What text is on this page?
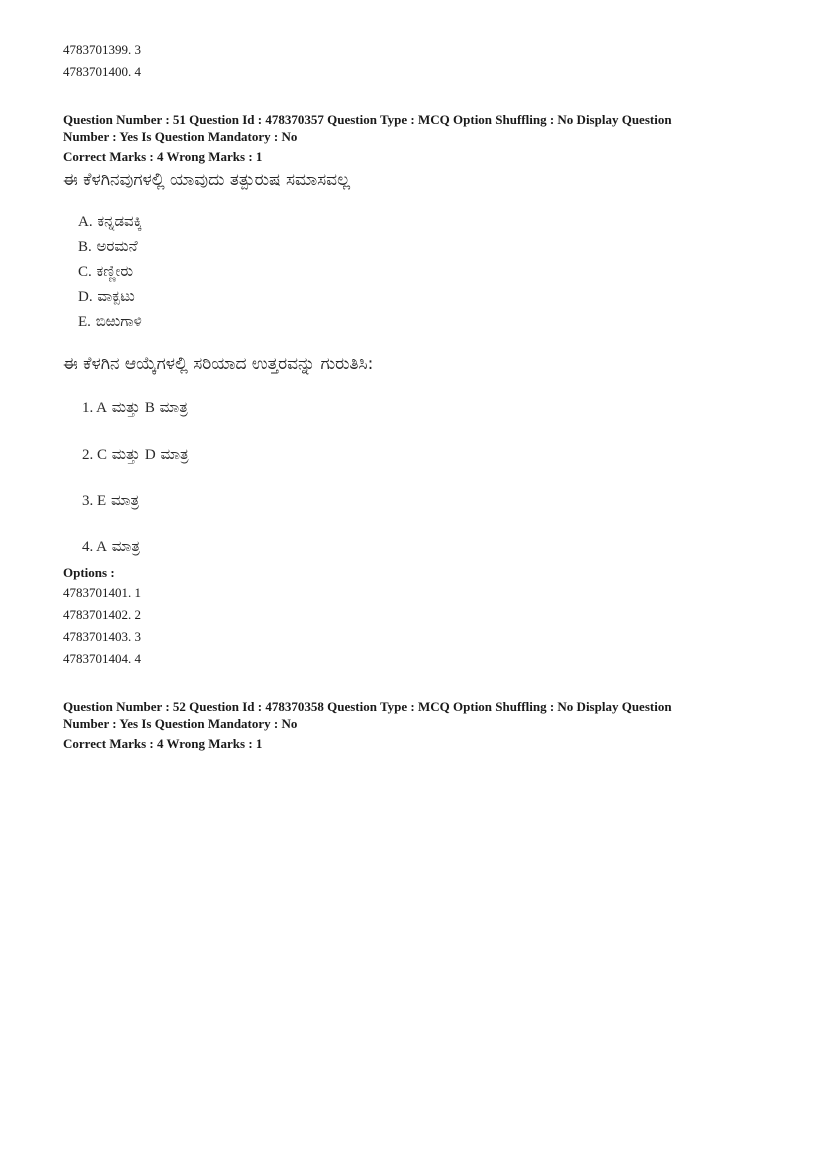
4783701399. 3
4783701400. 4
Question Number : 51 Question Id : 478370357 Question Type : MCQ Option Shuffling : No Display Question
Number : Yes Is Question Mandatory : No
Correct Marks : 4 Wrong Marks : 1
ಈ ಕೆಳಗಿನವುಗಳಲ್ಲಿ ಯಾವುದು ತತ್ಪುರುಷ ಸಮಾಸವಲ್ಲ
A. ಕನ್ನಡವಕ್ಕಿ
B. ಅರಮನೆ
C. ಕಣ್ಣೀರು
D. ವಾಕ್ಪಟು
E. ಬಿಱುಗಾಳಿ
ಈ ಕೆಳಗಿನ ಆಯ್ಕೆಗಳಲ್ಲಿ ಸರಿಯಾದ ಉತ್ತರವನ್ನು ಗುರುತಿಸಿ:
1. A ಮತ್ತು B ಮಾತ್ರ
2. C ಮತ್ತು D ಮಾತ್ರ
3. E ಮಾತ್ರ
4. A ಮಾತ್ರ
Options :
4783701401. 1
4783701402. 2
4783701403. 3
4783701404. 4
Question Number : 52 Question Id : 478370358 Question Type : MCQ Option Shuffling : No Display Question
Number : Yes Is Question Mandatory : No
Correct Marks : 4 Wrong Marks : 1
